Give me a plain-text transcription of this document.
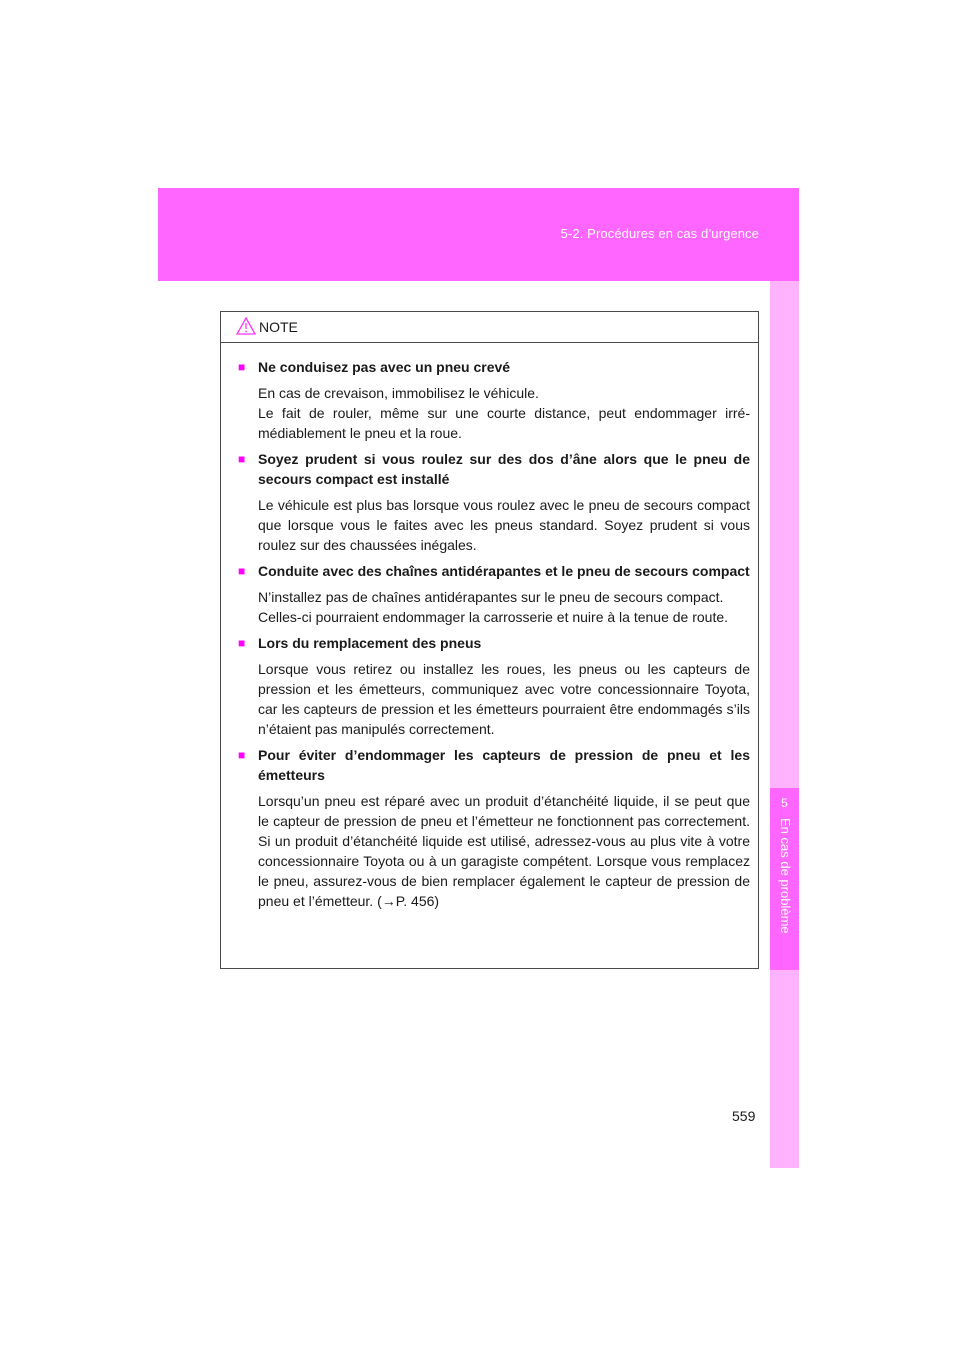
5-2. Procédures en cas d’urgence
5
En cas de problème
NOTE
■ Ne conduisez pas avec un pneu crevé
En cas de crevaison, immobilisez le véhicule.
Le fait de rouler, même sur une courte distance, peut endommager irrémédiablement le pneu et la roue.
■ Soyez prudent si vous roulez sur des dos d’âne alors que le pneu de secours compact est installé
Le véhicule est plus bas lorsque vous roulez avec le pneu de secours compact que lorsque vous le faites avec les pneus standard. Soyez prudent si vous roulez sur des chaussées inégales.
■ Conduite avec des chaînes antidérapantes et le pneu de secours compact
N’installez pas de chaînes antidérapantes sur le pneu de secours compact.
Celles-ci pourraient endommager la carrosserie et nuire à la tenue de route.
■ Lors du remplacement des pneus
Lorsque vous retirez ou installez les roues, les pneus ou les capteurs de pression et les émetteurs, communiquez avec votre concessionnaire Toyota, car les capteurs de pression et les émetteurs pourraient être endommagés s’ils n’étaient pas manipulés correctement.
■ Pour éviter d’endommager les capteurs de pression de pneu et les émetteurs
Lorsqu’un pneu est réparé avec un produit d’étanchéité liquide, il se peut que le capteur de pression de pneu et l’émetteur ne fonctionnent pas correctement. Si un produit d’étanchéité liquide est utilisé, adressez-vous au plus vite à votre concessionnaire Toyota ou à un garagiste compétent. Lorsque vous remplacez le pneu, assurez-vous de bien remplacer également le capteur de pression de pneu et l’émetteur. (→P. 456)
559
